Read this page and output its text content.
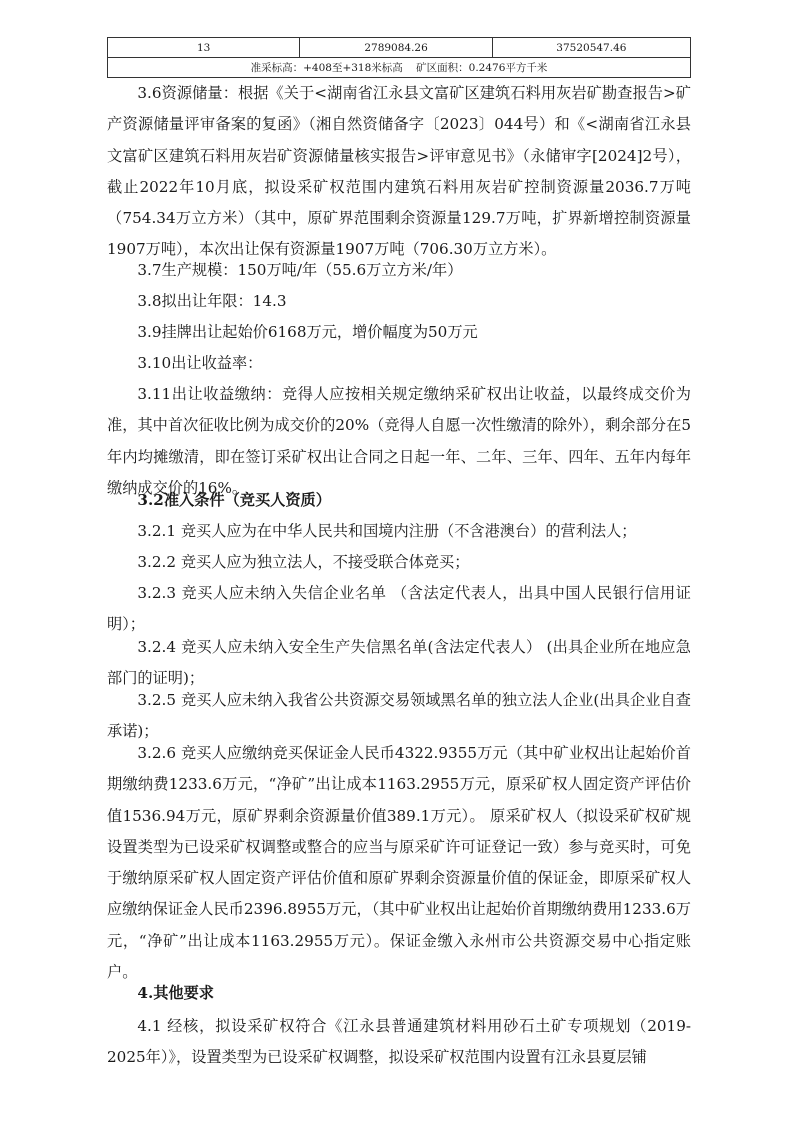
13	2789084.26	37520547.46
准采标高：+408至+318米标高    矿区面积：0.2476平方千米

3.6资源储量：根据《关于<湖南省江永县文富矿区建筑石料用灰岩矿勘查报告>矿产资源储量评审备案的复函》（湘自然资储备字〔2023〕044号）和《<湖南省江永县文富矿区建筑石料用灰岩矿资源储量核实报告>评审意见书》（永储审字[2024]2号），截止2022年10月底，拟设采矿权范围内建筑石料用灰岩矿控制资源量2036.7万吨（754.34万立方米）（其中，原矿界范围剩余资源量129.7万吨，扩界新增控制资源量1907万吨），本次出让保有资源量1907万吨（706.30万立方米）。

3.7生产规模：150万吨/年（55.6万立方米/年）

3.8拟出让年限：14.3

3.9挂牌出让起始价6168万元，增价幅度为50万元

3.10出让收益率：

3.11出让收益缴纳：竞得人应按相关规定缴纳采矿权出让收益，以最终成交价为准，其中首次征收比例为成交价的20%（竞得人自愿一次性缴清的除外），剩余部分在5年内均摊缴清，即在签订采矿权出让合同之日起一年、二年、三年、四年、五年内每年缴纳成交价的16%。

3.2准入条件（竞买人资质）

3.2.1 竞买人应为在中华人民共和国境内注册（不含港澳台）的营利法人；

3.2.2 竞买人应为独立法人，不接受联合体竞买；

3.2.3 竞买人应未纳入失信企业名单 （含法定代表人，出具中国人民银行信用证明）；

3.2.4 竞买人应未纳入安全生产失信黑名单(含法定代表人） (出具企业所在地应急部门的证明)；

3.2.5 竞买人应未纳入我省公共资源交易领域黑名单的独立法人企业(出具企业自查承诺)；

3.2.6 竞买人应缴纳竞买保证金人民币4322.9355万元（其中矿业权出让起始价首期缴纳费1233.6万元，“净矿”出让成本1163.2955万元，原采矿权人固定资产评估价值1536.94万元，原矿界剩余资源量价值389.1万元）。 原采矿权人（拟设采矿权矿规设置类型为已设采矿权调整或整合的应当与原采矿许可证登记一致）参与竞买时，可免于缴纳原采矿权人固定资产评估价值和原矿界剩余资源量价值的保证金，即原采矿权人应缴纳保证金人民币2396.8955万元，（其中矿业权出让起始价首期缴纳费用1233.6万元，“净矿”出让成本1163.2955万元）。保证金缴入永州市公共资源交易中心指定账户。

4.其他要求

4.1 经核，拟设采矿权符合《江永县普通建筑材料用砂石土矿专项规划（2019-2025年）》，设置类型为已设采矿权调整，拟设采矿权范围内设置有江永县夏层铺
